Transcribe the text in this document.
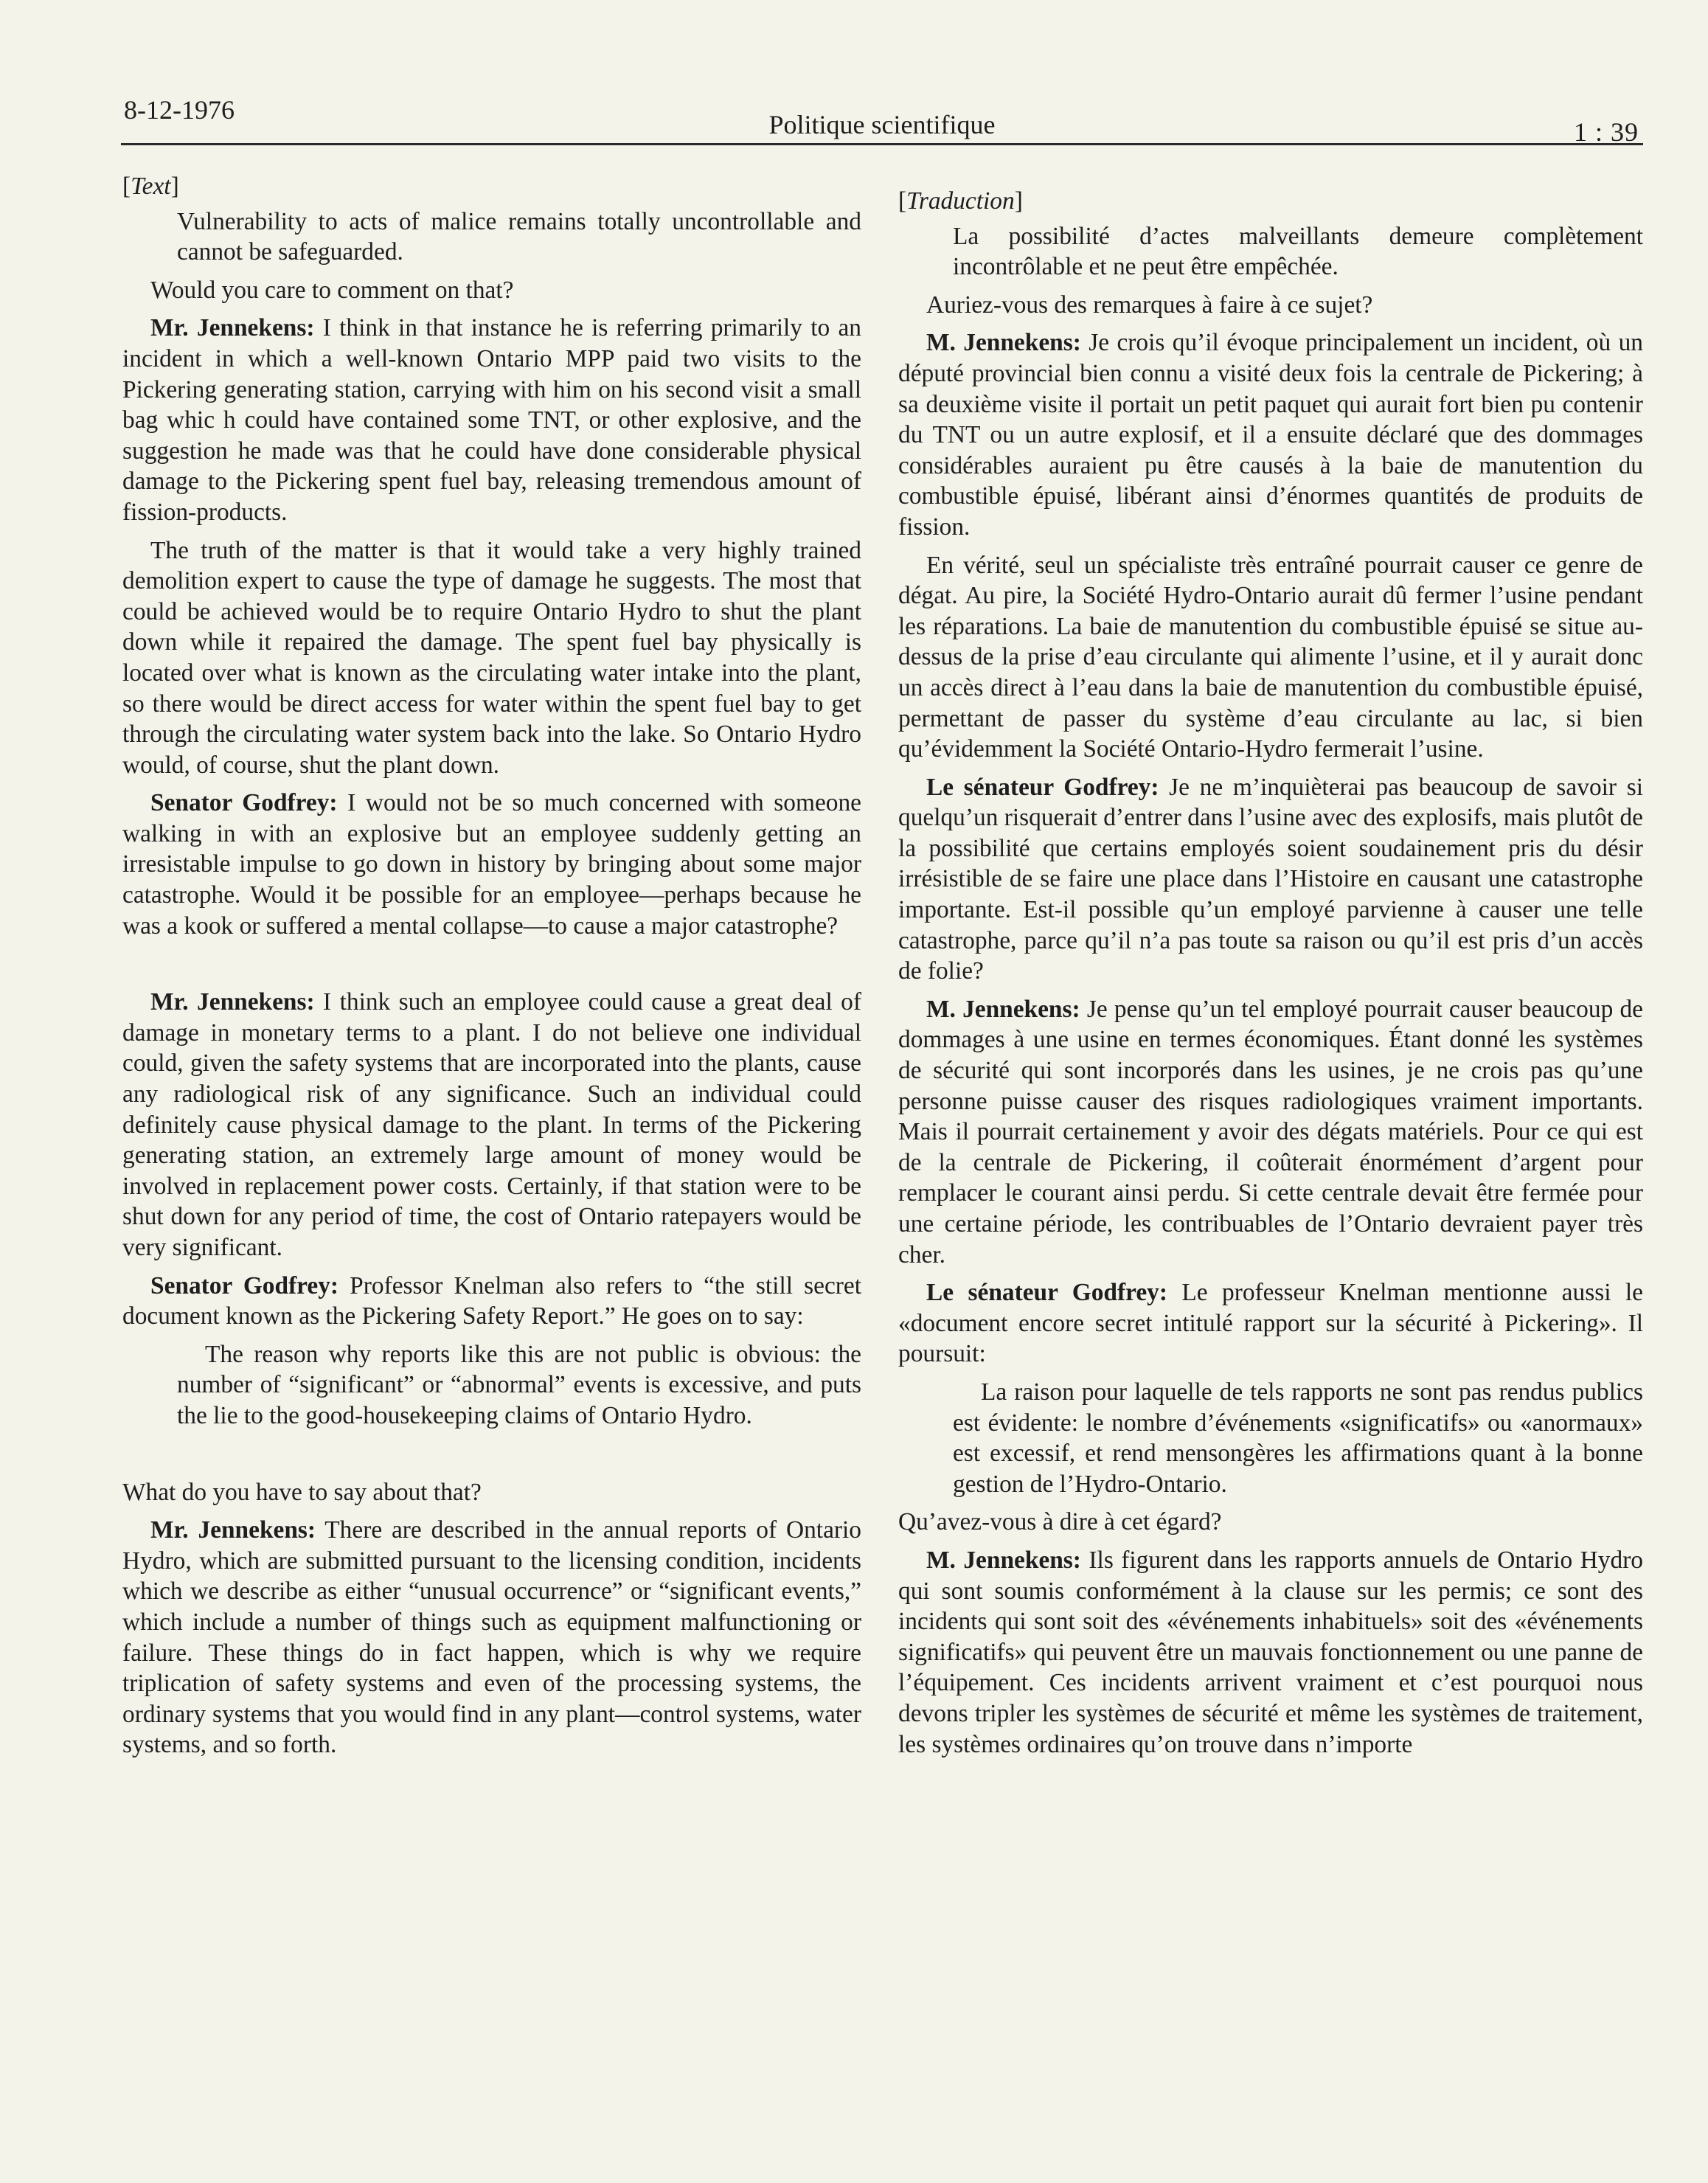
8-12-1976	Politique scientifique	1 : 39

[Text]

Vulnerability to acts of malice remains totally uncontrollable and cannot be safeguarded.

Would you care to comment on that?

Mr. Jennekens: I think in that instance he is referring primarily to an incident in which a well-known Ontario MPP paid two visits to the Pickering generating station, carrying with him on his second visit a small bag whic h could have contained some TNT, or other explosive, and the suggestion he made was that he could have done considerable physical damage to the Pickering spent fuel bay, releasing tremendous amount of fission-products.

The truth of the matter is that it would take a very highly trained demolition expert to cause the type of damage he suggests. The most that could be achieved would be to require Ontario Hydro to shut the plant down while it repaired the damage. The spent fuel bay physically is located over what is known as the circulating water intake into the plant, so there would be direct access for water within the spent fuel bay to get through the circulating water system back into the lake. So Ontario Hydro would, of course, shut the plant down.

Senator Godfrey: I would not be so much concerned with someone walking in with an explosive but an employee suddenly getting an irresistable impulse to go down in history by bringing about some major catastrophe. Would it be possible for an employee—perhaps because he was a kook or suffered a mental collapse—to cause a major catastrophe?

Mr. Jennekens: I think such an employee could cause a great deal of damage in monetary terms to a plant. I do not believe one individual could, given the safety systems that are incorporated into the plants, cause any radiological risk of any significance. Such an individual could definitely cause physical damage to the plant. In terms of the Pickering generating station, an extremely large amount of money would be involved in replacement power costs. Certainly, if that station were to be shut down for any period of time, the cost of Ontario ratepayers would be very significant.

Senator Godfrey: Professor Knelman also refers to “the still secret document known as the Pickering Safety Report.” He goes on to say:

The reason why reports like this are not public is obvious: the number of “significant” or “abnormal” events is excessive, and puts the lie to the good-housekeeping claims of Ontario Hydro.

What do you have to say about that?

Mr. Jennekens: There are described in the annual reports of Ontario Hydro, which are submitted pursuant to the licensing condition, incidents which we describe as either “unusual occurrence” or “significant events,” which include a number of things such as equipment malfunctioning or failure. These things do in fact happen, which is why we require triplication of safety systems and even of the processing systems, the ordinary systems that you would find in any plant—control systems, water systems, and so forth.

[Traduction]

La possibilité d’actes malveillants demeure complètement incontrôlable et ne peut être empêchée.

Auriez-vous des remarques à faire à ce sujet?

M. Jennekens: Je crois qu’il évoque principalement un incident, où un député provincial bien connu a visité deux fois la centrale de Pickering; à sa deuxième visite il portait un petit paquet qui aurait fort bien pu contenir du TNT ou un autre explosif, et il a ensuite déclaré que des dommages considérables auraient pu être causés à la baie de manutention du combustible épuisé, libérant ainsi d’énormes quantités de produits de fission.

En vérité, seul un spécialiste très entraîné pourrait causer ce genre de dégat. Au pire, la Société Hydro-Ontario aurait dû fermer l’usine pendant les réparations. La baie de manutention du combustible épuisé se situe au-dessus de la prise d’eau circulante qui alimente l’usine, et il y aurait donc un accès direct à l’eau dans la baie de manutention du combustible épuisé, permettant de passer du système d’eau circulante au lac, si bien qu’évidemment la Société Ontario-Hydro fermerait l’usine.

Le sénateur Godfrey: Je ne m’inquièterai pas beaucoup de savoir si quelqu’un risquerait d’entrer dans l’usine avec des explosifs, mais plutôt de la possibilité que certains employés soient soudainement pris du désir irrésistible de se faire une place dans l’Histoire en causant une catastrophe importante. Est-il possible qu’un employé parvienne à causer une telle catastrophe, parce qu’il n’a pas toute sa raison ou qu’il est pris d’un accès de folie?

M. Jennekens: Je pense qu’un tel employé pourrait causer beaucoup de dommages à une usine en termes économiques. Étant donné les systèmes de sécurité qui sont incorporés dans les usines, je ne crois pas qu’une personne puisse causer des risques radiologiques vraiment importants. Mais il pourrait certainement y avoir des dégats matériels. Pour ce qui est de la centrale de Pickering, il coûterait énormément d’argent pour remplacer le courant ainsi perdu. Si cette centrale devait être fermée pour une certaine période, les contribuables de l’Ontario devraient payer très cher.

Le sénateur Godfrey: Le professeur Knelman mentionne aussi le «document encore secret intitulé rapport sur la sécurité à Pickering». Il poursuit:

La raison pour laquelle de tels rapports ne sont pas rendus publics est évidente: le nombre d’événements «significatifs» ou «anormaux» est excessif, et rend mensongères les affirmations quant à la bonne gestion de l’Hydro-Ontario.

Qu’avez-vous à dire à cet égard?

M. Jennekens: Ils figurent dans les rapports annuels de Ontario Hydro qui sont soumis conformément à la clause sur les permis; ce sont des incidents qui sont soit des «événements inhabituels» soit des «événements significatifs» qui peuvent être un mauvais fonctionnement ou une panne de l’équipement. Ces incidents arrivent vraiment et c’est pourquoi nous devons tripler les systèmes de sécurité et même les systèmes de traitement, les systèmes ordinaires qu’on trouve dans n’importe
